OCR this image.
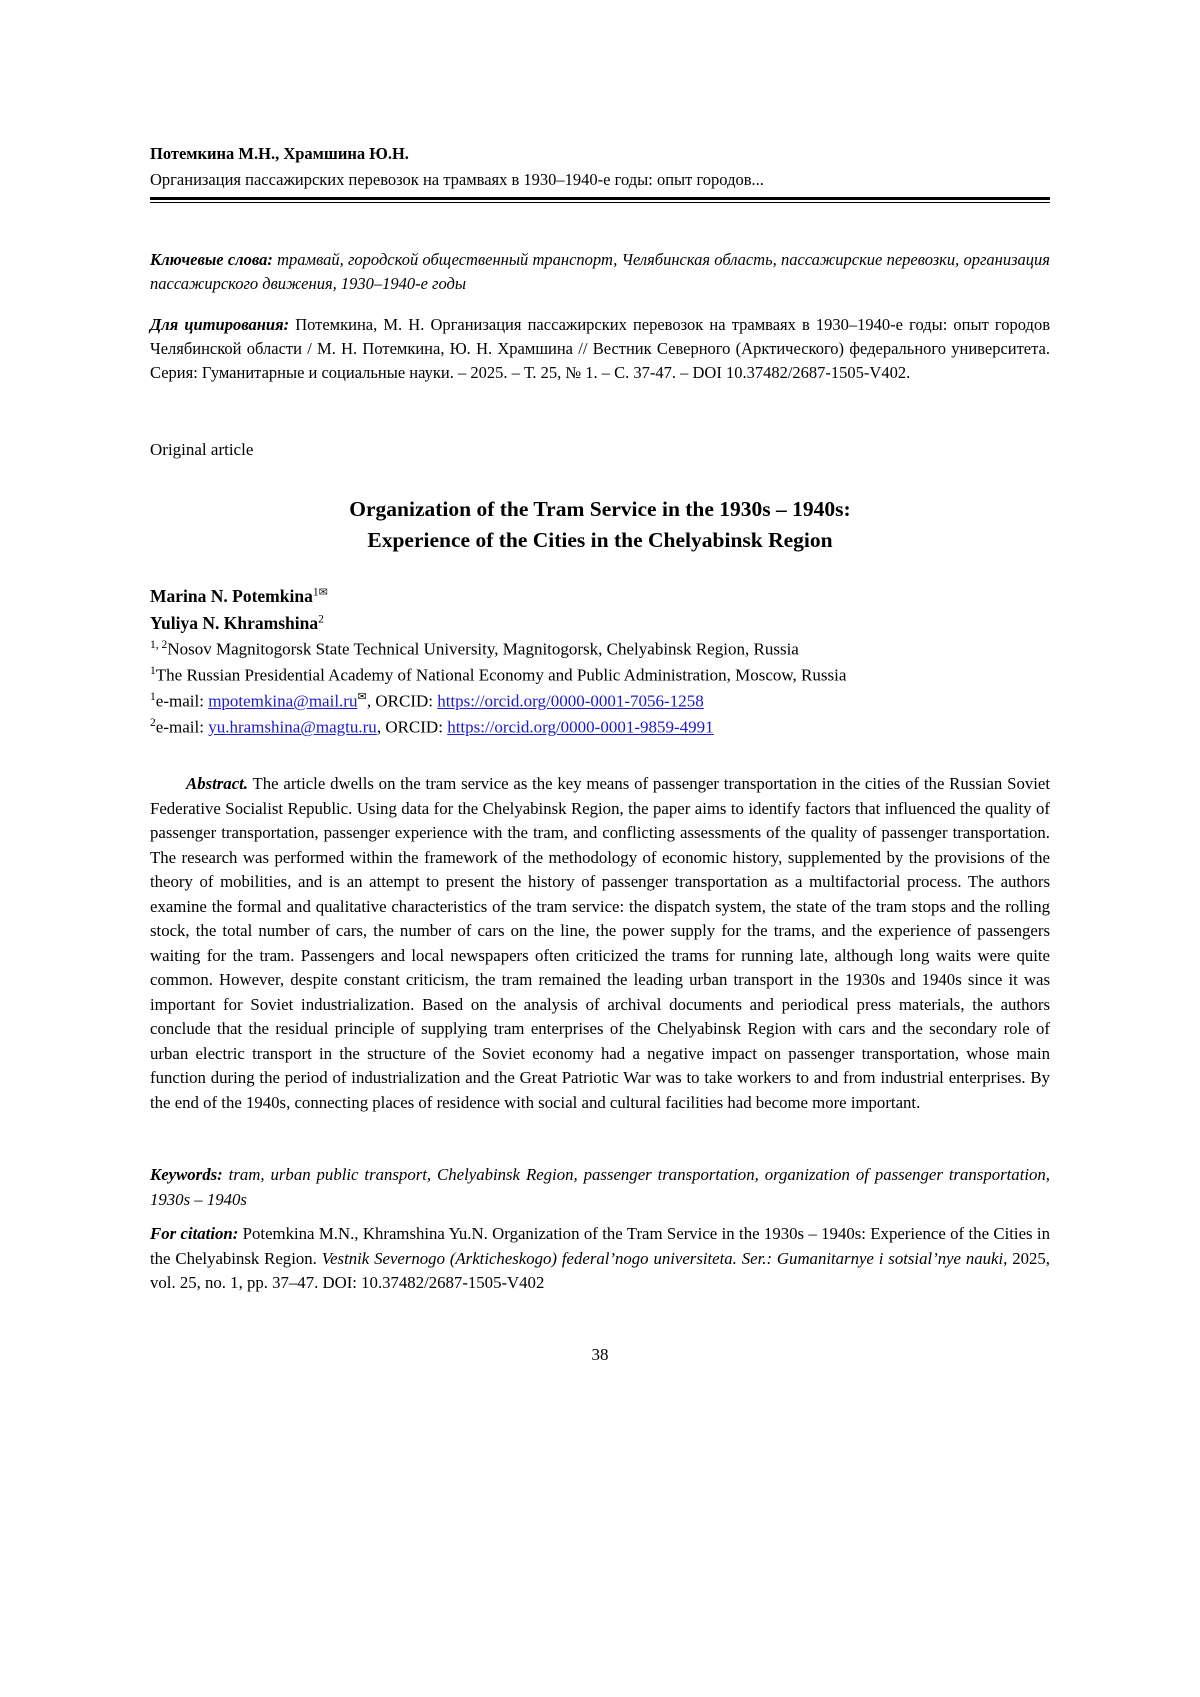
Потемкина М.Н., Храмшина Ю.Н.
Организация пассажирских перевозок на трамваях в 1930–1940-е годы: опыт городов...
Ключевые слова: трамвай, городской общественный транспорт, Челябинская область, пассажирские перевозки, организация пассажирского движения, 1930–1940-е годы
Для цитирования: Потемкина, М. Н. Организация пассажирских перевозок на трамваях в 1930–1940-е годы: опыт городов Челябинской области / М. Н. Потемкина, Ю. Н. Храмшина // Вестник Северного (Арктического) федерального университета. Серия: Гуманитарные и социальные науки. – 2025. – Т. 25, № 1. – С. 37-47. – DOI 10.37482/2687-1505-V402.
Original article
Organization of the Tram Service in the 1930s – 1940s:
Experience of the Cities in the Chelyabinsk Region
Marina N. Potemkina$^{1✉}$
Yuliya N. Khramshina$^2$
$^{1, 2}$Nosov Magnitogorsk State Technical University, Magnitogorsk, Chelyabinsk Region, Russia
$^1$The Russian Presidential Academy of National Economy and Public Administration, Moscow, Russia
$^1$e-mail: mpotemkina@mail.ru✉, ORCID: https://orcid.org/0000-0001-7056-1258
$^2$e-mail: yu.hramshina@magtu.ru, ORCID: https://orcid.org/0000-0001-9859-4991
Abstract. The article dwells on the tram service as the key means of passenger transportation in the cities of the Russian Soviet Federative Socialist Republic. Using data for the Chelyabinsk Region, the paper aims to identify factors that influenced the quality of passenger transportation, passenger experience with the tram, and conflicting assessments of the quality of passenger transportation. The research was performed within the framework of the methodology of economic history, supplemented by the provisions of the theory of mobilities, and is an attempt to present the history of passenger transportation as a multifactorial process. The authors examine the formal and qualitative characteristics of the tram service: the dispatch system, the state of the tram stops and the rolling stock, the total number of cars, the number of cars on the line, the power supply for the trams, and the experience of passengers waiting for the tram. Passengers and local newspapers often criticized the trams for running late, although long waits were quite common. However, despite constant criticism, the tram remained the leading urban transport in the 1930s and 1940s since it was important for Soviet industrialization. Based on the analysis of archival documents and periodical press materials, the authors conclude that the residual principle of supplying tram enterprises of the Chelyabinsk Region with cars and the secondary role of urban electric transport in the structure of the Soviet economy had a negative impact on passenger transportation, whose main function during the period of industrialization and the Great Patriotic War was to take workers to and from industrial enterprises. By the end of the 1940s, connecting places of residence with social and cultural facilities had become more important.
Keywords: tram, urban public transport, Chelyabinsk Region, passenger transportation, organization of passenger transportation, 1930s – 1940s
For citation: Potemkina M.N., Khramshina Yu.N. Organization of the Tram Service in the 1930s – 1940s: Experience of the Cities in the Chelyabinsk Region. Vestnik Severnogo (Arkticheskogo) federal’nogo universiteta. Ser.: Gumanitarnye i sotsial’nye nauki, 2025, vol. 25, no. 1, pp. 37–47. DOI: 10.37482/2687-1505-V402
38
